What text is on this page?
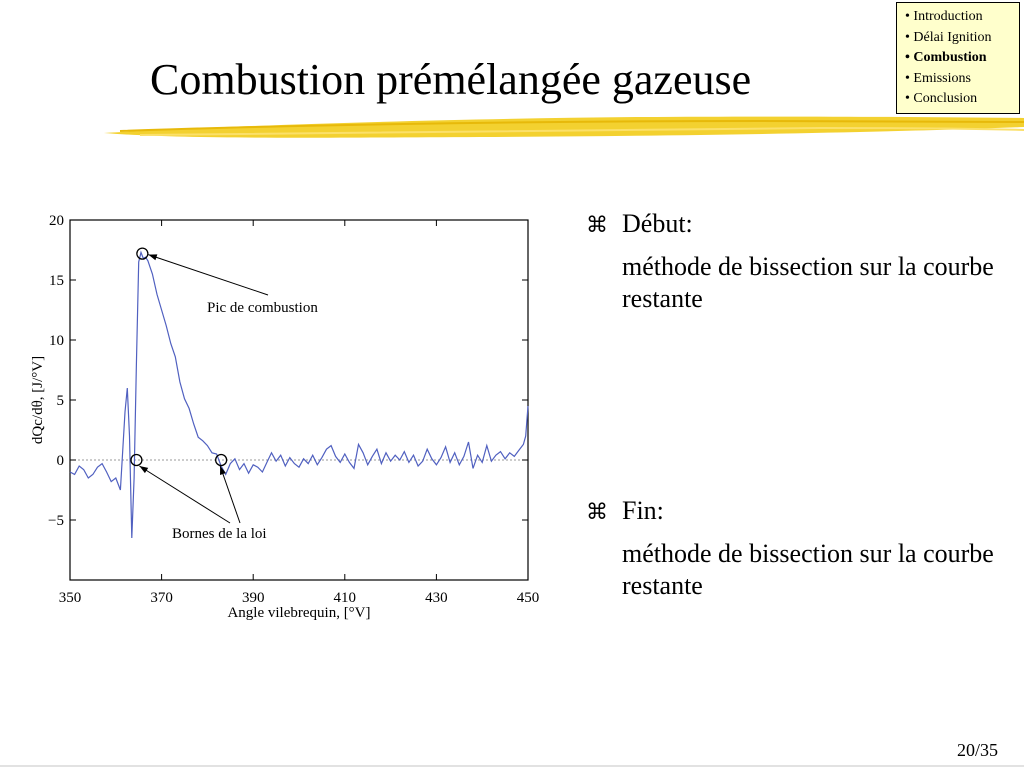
Combustion prémélangée gazeuse
• Introduction
• Délai Ignition
• Combustion
• Emissions
• Conclusion
20
15
10
5
0
−5
350	370	390	410	430	450
Pic de combustion
Bornes de la loi
Angle vilebrequin, [°V]
dQc/dθ, [J/°V]
⌘ Début:
méthode de bissection sur la courbe restante
⌘ Fin:
méthode de bissection sur la courbe restante
20/35
